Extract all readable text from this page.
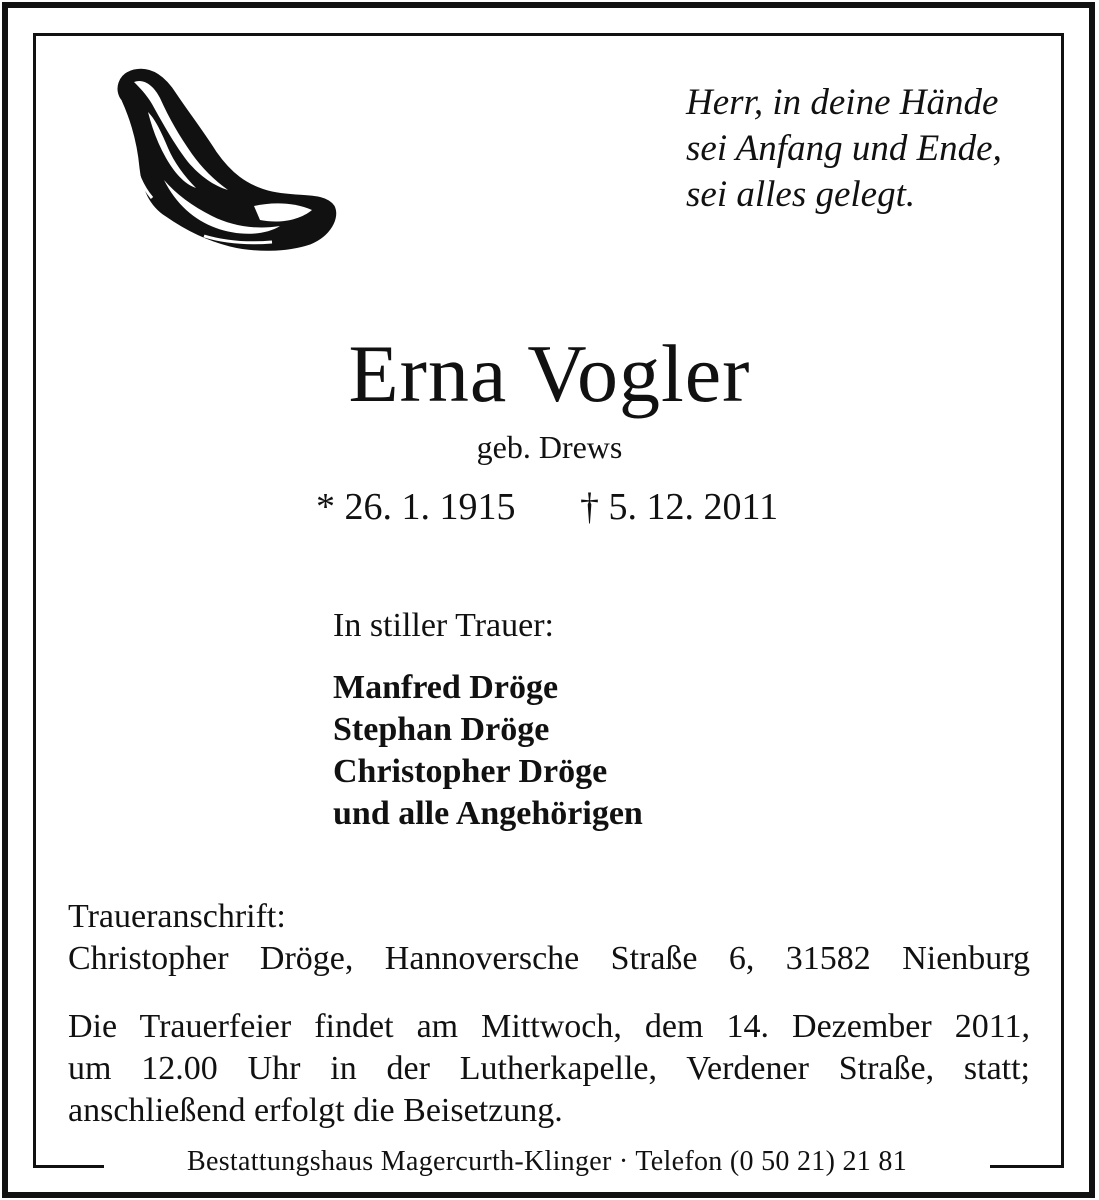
Herr, in deine Hände
sei Anfang und Ende,
sei alles gelegt.
Erna Vogler
geb. Drews
* 26. 1. 1915 † 5. 12. 2011
In stiller Trauer:
Manfred Dröge
Stephan Dröge
Christopher Dröge
und alle Angehörigen
Traueranschrift:
Christopher Dröge, Hannoversche Straße 6, 31582 Nienburg
Die Trauerfeier findet am Mittwoch, dem 14. Dezember 2011,
um 12.00 Uhr in der Lutherkapelle, Verdener Straße, statt;
anschließend erfolgt die Beisetzung.
Bestattungshaus Magercurth-Klinger · Telefon (0 50 21) 21 81
